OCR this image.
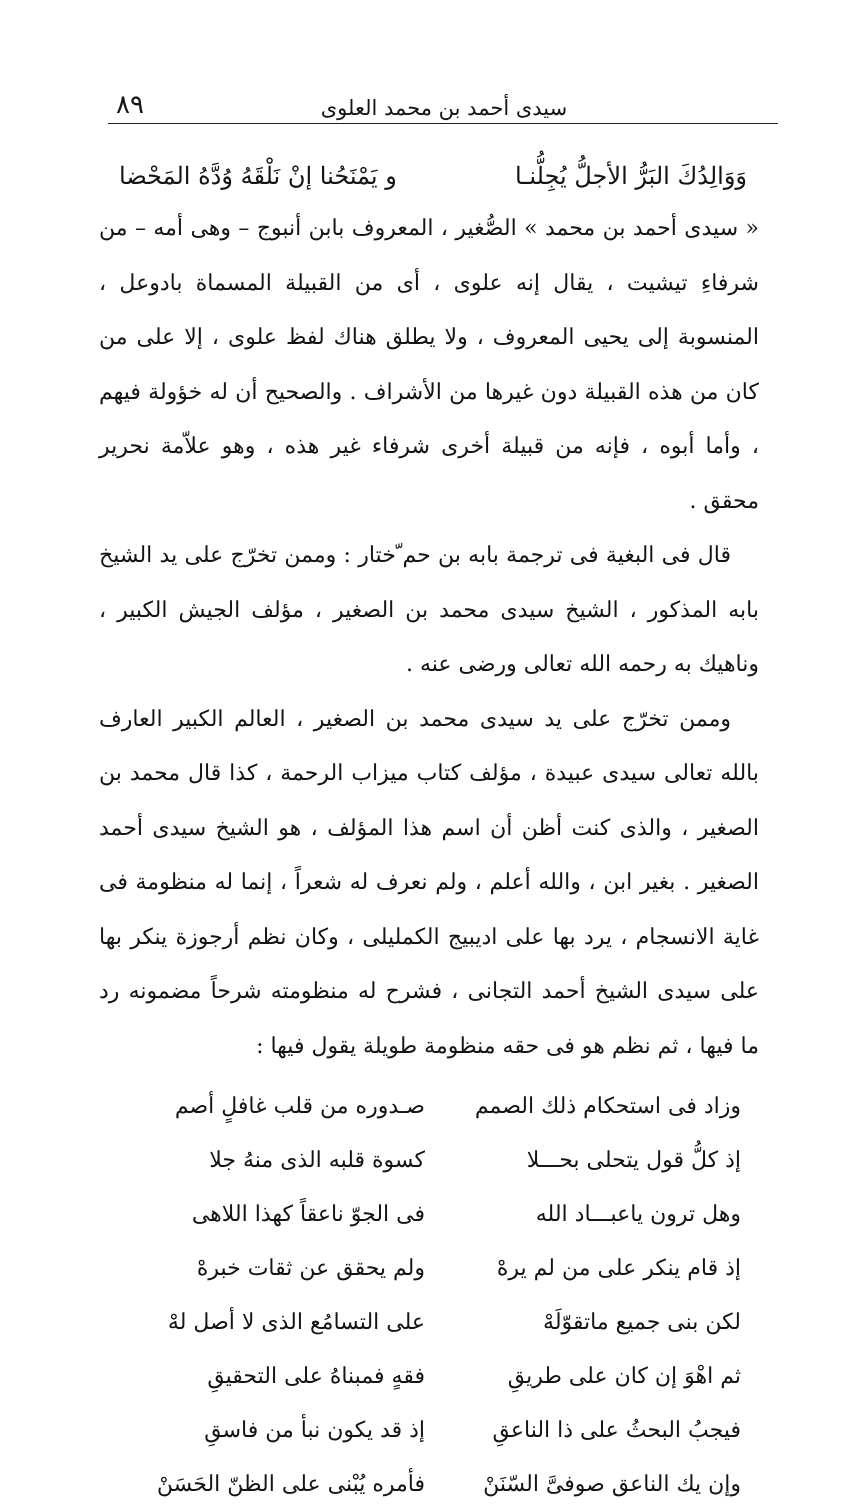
٨٩	سيدى أحمد بن محمد العلوى
وَوَالِدُكَ البَرُّ الأجلُّ يُجِلُّنـا
و يَمْنَحُنا إنْ نَلْقَهُ وُدَّهُ المَحْضا

« سيدى أحمد بن محمد » الصُّغير ، المعروف بابن أنبوج – وهى أمه – من شرفاءِ تيشيت ، يقال إنه علوى ، أى من القبيلة المسماة بادوعل ، المنسوبة إلى يحيى المعروف ، ولا يطلق هناك لفظ علوى ، إلا على من كان من هذه القبيلة دون غيرها من الأشراف . والصحيح أن له خؤولة فيهم ، وأما أبوه ، فإنه من قبيلة أخرى شرفاء غير هذه ، وهو علاّمة نحرير محقق .

قال فى البغية فى ترجمة بابه بن حم ّختار : وممن تخرّج على يد الشيخ بابه المذكور ، الشيخ سيدى محمد بن الصغير ، مؤلف الجيش الكبير ، وناهيك به رحمه الله تعالى ورضى عنه .

وممن تخرّج على يد سيدى محمد بن الصغير ، العالم الكبير العارف بالله تعالى سيدى عبيدة ، مؤلف كتاب ميزاب الرحمة ، كذا قال محمد بن الصغير ، والذى كنت أظن أن اسم هذا المؤلف ، هو الشيخ سيدى أحمد الصغير . بغير ابن ، والله أعلم ، ولم نعرف له شعراً ، إنما له منظومة فى غاية الانسجام ، يرد بها على اديبيج الكمليلى ، وكان نظم أرجوزة ينكر بها على سيدى الشيخ أحمد التجانى ، فشرح له منظومته شرحاً مضمونه رد ما فيها ، ثم نظم هو فى حقه منظومة طويلة يقول فيها :

وزاد فى استحكام ذلك الصمم
صـدوره من قلب غافلٍ أصم
إذ كلُّ قول يتحلى بحـــلا
كسوة قلبه الذى منهُ جلا
وهل ترون ياعبـــاد الله
فى الجوّ ناعقاً كهذا اللاهى
إذ قام ينكر على من لم يرهْ
ولم يحقق عن ثقات خبرهْ
لكن بنى جميع ماتقوّلَهْ
على التسامُع الذى لا أصل لهْ
ثم اهْوَ إن كان على طريقِ
فقهٍ فمبناهُ على التحقيقِ
فيجبُ البحثُ على ذا الناعقِ
إذ قد يكون نبأ من فاسقِ
وإن يك الناعق صوفىَّ السّنَنْ
فأمره يُبْنى على الظنّ الحَسَنْ
